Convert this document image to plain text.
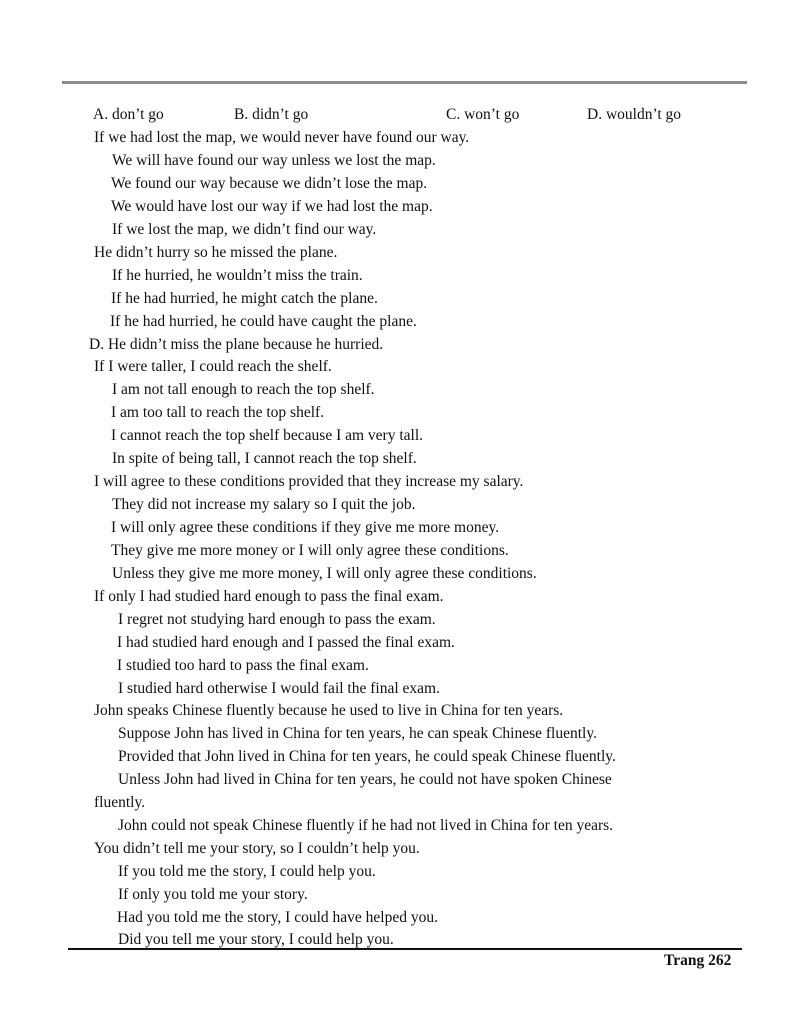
A. don’t go	B. didn’t go	C. won’t go	D. wouldn’t go
If we had lost the map, we would never have found our way.
We will have found our way unless we lost the map.
We found our way because we didn’t lose the map.
We would have lost our way if we had lost the map.
If we lost the map, we didn’t find our way.
He didn’t hurry so he missed the plane.
If he hurried, he wouldn’t miss the train.
If he had hurried, he might catch the plane.
If he had hurried, he could have caught the plane.
D. He didn’t miss the plane because he hurried.
If I were taller, I could reach the shelf.
I am not tall enough to reach the top shelf.
I am too tall to reach the top shelf.
I cannot reach the top shelf because I am very tall.
In spite of being tall, I cannot reach the top shelf.
I will agree to these conditions provided that they increase my salary.
They did not increase my salary so I quit the job.
I will only agree these conditions if they give me more money.
They give me more money or I will only agree these conditions.
Unless they give me more money, I will only agree these conditions.
If only I had studied hard enough to pass the final exam.
I regret not studying hard enough to pass the exam.
I had studied hard enough and I passed the final exam.
I studied too hard to pass the final exam.
I studied hard otherwise I would fail the final exam.
John speaks Chinese fluently because he used to live in China for ten years.
Suppose John has lived in China for ten years, he can speak Chinese fluently.
Provided that John lived in China for ten years, he could speak Chinese fluently.
Unless John had lived in China for ten years, he could not have spoken Chinese
fluently.
John could not speak Chinese fluently if he had not lived in China for ten years.
You didn’t tell me your story, so I couldn’t help you.
If you told me the story, I could help you.
If only you told me your story.
Had you told me the story, I could have helped you.
Did you tell me your story, I could help you.
Trang 262
